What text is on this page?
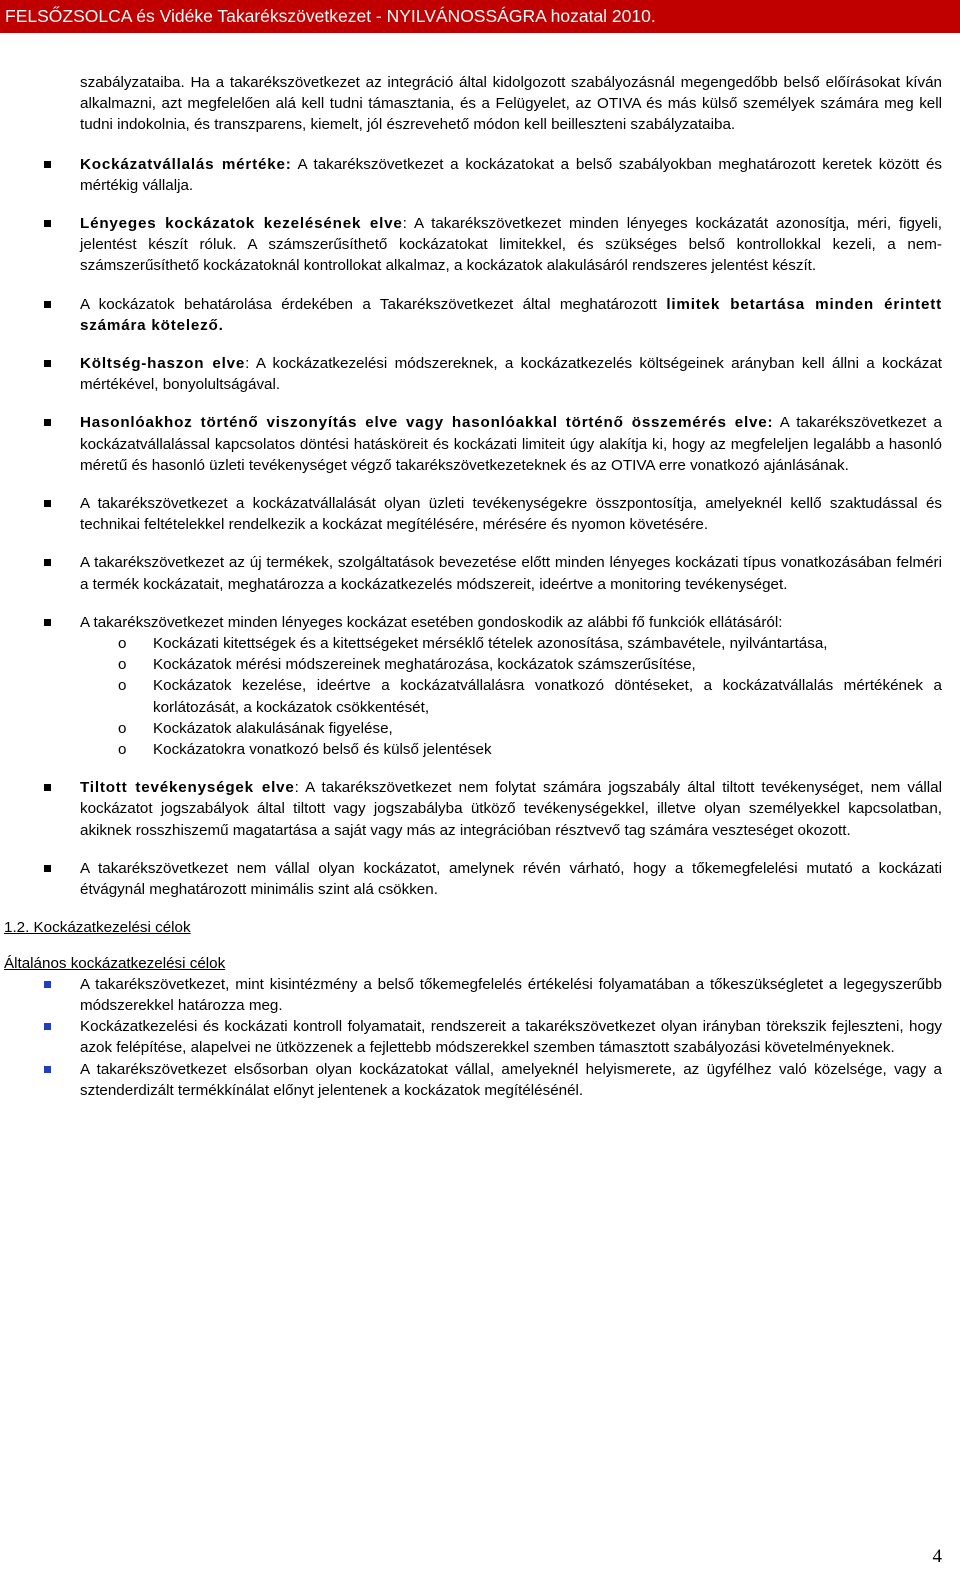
FELSŐZSOLCA és Vidéke Takarékszövetkezet - NYILVÁNOSSÁGRA hozatal 2010.

szabályzataiba. Ha a takarékszövetkezet az integráció által kidolgozott szabályozásnál megengedőbb belső előírásokat kíván alkalmazni, azt megfelelően alá kell tudni támasztania, és a Felügyelet, az OTIVA és más külső személyek számára meg kell tudni indokolnia, és transzparens, kiemelt, jól észrevehető módon kell beilleszteni szabályzataiba.

Kockázatvállalás mértéke: A takarékszövetkezet a kockázatokat a belső szabályokban meghatározott keretek között és mértékig vállalja.

Lényeges kockázatok kezelésének elve: A takarékszövetkezet minden lényeges kockázatát azonosítja, méri, figyeli, jelentést készít róluk. A számszerűsíthető kockázatokat limitekkel, és szükséges belső kontrollokkal kezeli, a nem-számszerűsíthető kockázatoknál kontrollokat alkalmaz, a kockázatok alakulásáról rendszeres jelentést készít.

A kockázatok behatárolása érdekében a Takarékszövetkezet által meghatározott limitek betartása minden érintett számára kötelező.

Költség-haszon elve: A kockázatkezelési módszereknek, a kockázatkezelés költségeinek arányban kell állni a kockázat mértékével, bonyolultságával.

Hasonlóakhoz történő viszonyítás elve vagy hasonlóakkal történő összemérés elve: A takarékszövetkezet a kockázatvállalással kapcsolatos döntési hatásköreit és kockázati limiteit úgy alakítja ki, hogy az megfeleljen legalább a hasonló méretű és hasonló üzleti tevékenységet végző takarékszövetkezeteknek és az OTIVA erre vonatkozó ajánlásának.

A takarékszövetkezet a kockázatvállalását olyan üzleti tevékenységekre összpontosítja, amelyeknél kellő szaktudással és technikai feltételekkel rendelkezik a kockázat megítélésére, mérésére és nyomon követésére.

A takarékszövetkezet az új termékek, szolgáltatások bevezetése előtt minden lényeges kockázati típus vonatkozásában felméri a termék kockázatait, meghatározza a kockázatkezelés módszereit, ideértve a monitoring tevékenységet.

A takarékszövetkezet minden lényeges kockázat esetében gondoskodik az alábbi fő funkciók ellátásáról:

o Kockázati kitettségek és a kitettségeket mérséklő tételek azonosítása, számbavétele, nyilvántartása,
o Kockázatok mérési módszereinek meghatározása, kockázatok számszerűsítése,
o Kockázatok kezelése, ideértve a kockázatvállalásra vonatkozó döntéseket, a kockázatvállalás mértékének a korlátozását, a kockázatok csökkentését,
o Kockázatok alakulásának figyelése,
o Kockázatokra vonatkozó belső és külső jelentések

Tiltott tevékenységek elve: A takarékszövetkezet nem folytat számára jogszabály által tiltott tevékenységet, nem vállal kockázatot jogszabályok által tiltott vagy jogszabályba ütköző tevékenységekkel, illetve olyan személyekkel kapcsolatban, akiknek rosszhiszemű magatartása a saját vagy más az integrációban résztvevő tag számára veszteséget okozott.

A takarékszövetkezet nem vállal olyan kockázatot, amelynek révén várható, hogy a tőkemegfelelési mutató a kockázati étvágynál meghatározott minimális szint alá csökken.

1.2. Kockázatkezelési célok

Általános kockázatkezelési célok

A takarékszövetkezet, mint kisintézmény a belső tőkemegfelelés értékelési folyamatában a tőkeszükségletet a legegyszerűbb módszerekkel határozza meg.

Kockázatkezelési és kockázati kontroll folyamatait, rendszereit a takarékszövetkezet olyan irányban törekszik fejleszteni, hogy azok felépítése, alapelvei ne ütközzenek a fejlettebb módszerekkel szemben támasztott szabályozási követelményeknek.

A takarékszövetkezet elsősorban olyan kockázatokat vállal, amelyeknél helyismerete, az ügyfélhez való közelsége, vagy a sztenderdizált termékkínálat előnyt jelentenek a kockázatok megítélésénél.

4
